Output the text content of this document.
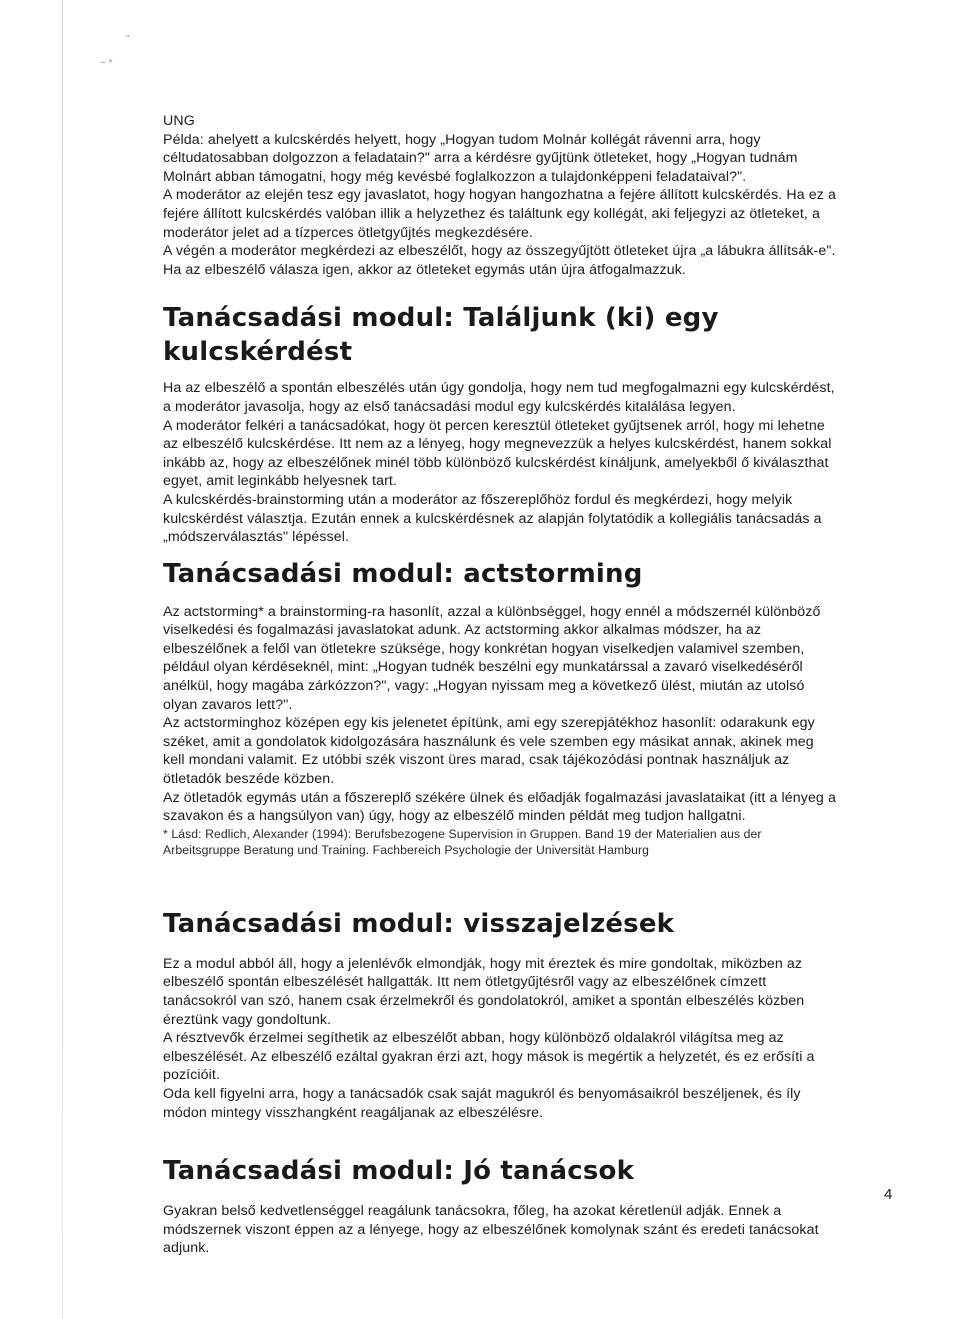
"
~ *

UNG

Példa: ahelyett a kulcskérdés helyett, hogy „Hogyan tudom Molnár kollégát rávenni arra, hogy

céltudatosabban dolgozzon a feladatain?" arra a kérdésre gyűjtünk ötleteket, hogy „Hogyan tudnám

Molnárt abban támogatni, hogy még kevésbé foglalkozzon a tulajdonképpeni feladataival?".

A moderátor az elején tesz egy javaslatot, hogy hogyan hangozhatna a fejére állított kulcskérdés. Ha ez a

fejére állított kulcskérdés valóban illik a helyzethez és találtunk egy kollégát, aki feljegyzi az ötleteket, a

moderátor jelet ad a tízperces ötletgyűjtés megkezdésére.

A végén a moderátor megkérdezi az elbeszélőt, hogy az összegyűjtött ötleteket újra „a lábukra állítsák-e".

Ha az elbeszélő válasza igen, akkor az ötleteket egymás után újra átfogalmazzuk.

Tanácsadási modul: Találjunk (ki) egy kulcskérdést

Ha az elbeszélő a spontán elbeszélés után úgy gondolja, hogy nem tud megfogalmazni egy kulcskérdést,

a moderátor javasolja, hogy az első tanácsadási modul egy kulcskérdés kitalálása legyen.

A moderátor felkéri a tanácsadókat, hogy öt percen keresztül ötleteket gyűjtsenek arról, hogy mi lehetne

az elbeszélő kulcskérdése. Itt nem az a lényeg, hogy megnevezzük a helyes kulcskérdést, hanem sokkal

inkább az, hogy az elbeszélőnek minél több különböző kulcskérdést kínáljunk, amelyekből ő kiválaszthat

egyet, amit leginkább helyesnek tart.

A kulcskérdés-brainstorming után a moderátor az főszereplőhöz fordul és megkérdezi, hogy melyik

kulcskérdést választja. Ezután ennek a kulcskérdésnek az alapján folytatódik a kollegiális tanácsadás a

„módszerválasztás" lépéssel.

Tanácsadási modul: actstorming

Az actstorming* a brainstorming-ra hasonlít, azzal a különbséggel, hogy ennél a módszernél különböző

viselkedési és fogalmazási javaslatokat adunk. Az actstorming akkor alkalmas módszer, ha az

elbeszélőnek a felől van ötletekre szüksége, hogy konkrétan hogyan viselkedjen valamivel szemben,

például olyan kérdéseknél, mint: „Hogyan tudnék beszélni egy munkatárssal a zavaró viselkedéséről

anélkül, hogy magába zárkózzon?", vagy: „Hogyan nyissam meg a következő ülést, miután az utolsó

olyan zavaros lett?".

Az actstorminghoz középen egy kis jelenetet építünk, ami egy szerepjátékhoz hasonlít: odarakunk egy

széket, amit a gondolatok kidolgozására használunk és vele szemben egy másikat annak, akinek meg

kell mondani valamit. Ez utóbbi szék viszont üres marad, csak tájékozódási pontnak használjuk az

ötletadók beszéde közben.

Az ötletadók egymás után a főszereplő székére ülnek és előadják fogalmazási javaslataikat (itt a lényeg a

szavakon és a hangsúlyon van) úgy, hogy az elbeszélő minden példát meg tudjon hallgatni.

* Lásd: Redlich, Alexander (1994): Berufsbezogene Supervision in Gruppen. Band 19 der Materialien aus der

Arbeitsgruppe Beratung und Training. Fachbereich Psychologie der Universität Hamburg

Tanácsadási modul: visszajelzések

Ez a modul abból áll, hogy a jelenlévők elmondják, hogy mit éreztek és mire gondoltak, miközben az

elbeszélő spontán elbeszélését hallgatták. Itt nem ötletgyűjtésről vagy az elbeszélőnek címzett

tanácsokról van szó, hanem csak érzelmekről és gondolatokról, amiket a spontán elbeszélés közben

éreztünk vagy gondoltunk.

A résztvevők érzelmei segíthetik az elbeszélőt abban, hogy különböző oldalakról világítsa meg az

elbeszélését. Az elbeszélő ezáltal gyakran érzi azt, hogy mások is megértik a helyzetét, és ez erősíti a

pozícióit.

Oda kell figyelni arra, hogy a tanácsadók csak saját magukról és benyomásaikról beszéljenek, és íly

módon mintegy visszhangként reagáljanak az elbeszélésre.

Tanácsadási modul: Jó tanácsok

Gyakran belső kedvetlenséggel reagálunk tanácsokra, főleg, ha azokat kéretlenül adják. Ennek a

módszernek viszont éppen az a lényege, hogy az elbeszélőnek komolynak szánt és eredeti tanácsokat

adjunk.

4
